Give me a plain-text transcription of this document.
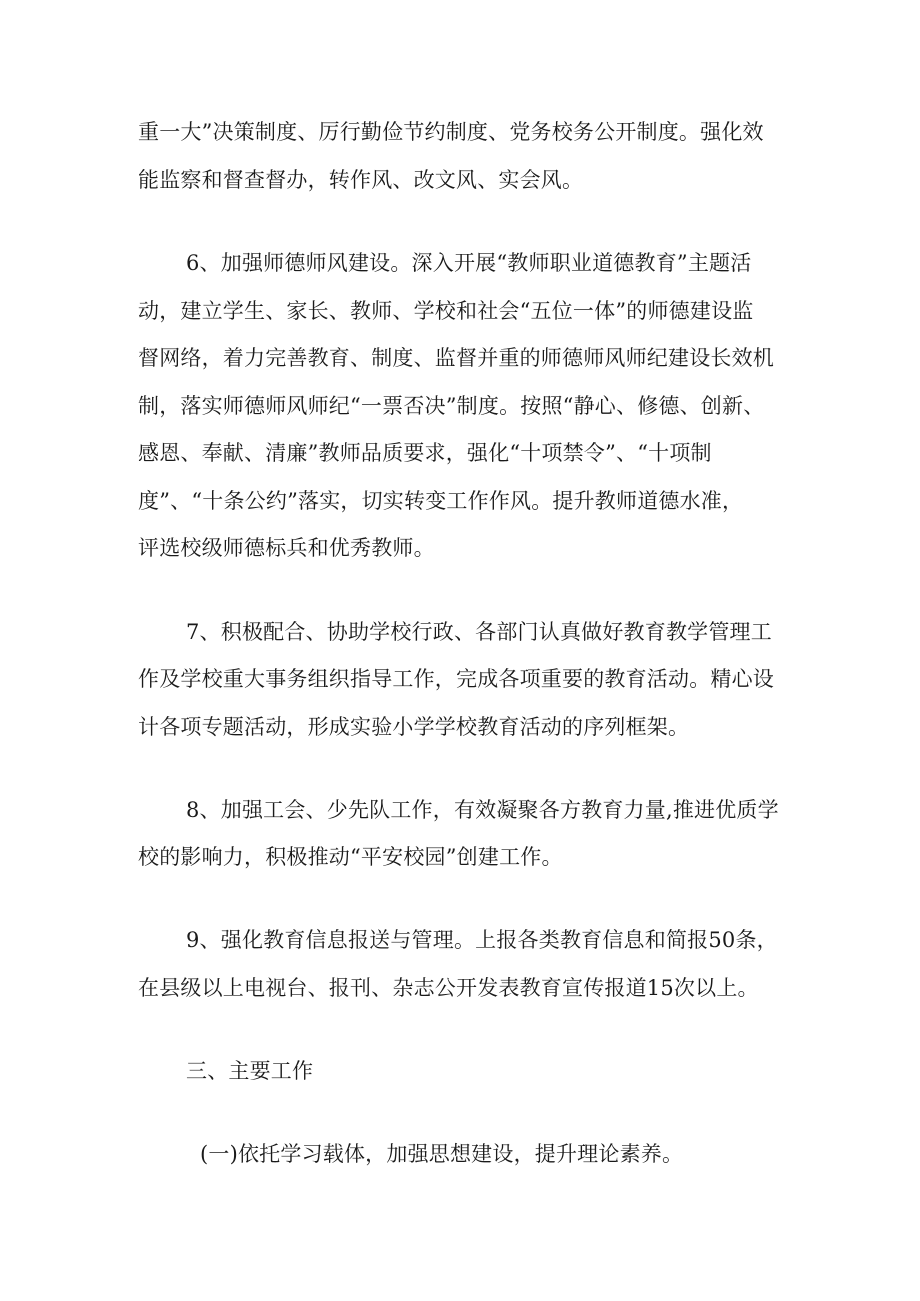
重一大”决策制度、厉行勤俭节约制度、党务校务公开制度。强化效
能监察和督查督办，转作风、改文风、实会风。
6、加强师德师风建设。深入开展“教师职业道德教育”主题活
动，建立学生、家长、教师、学校和社会“五位一体”的师德建设监
督网络，着力完善教育、制度、监督并重的师德师风师纪建设长效机
制，落实师德师风师纪“一票否决”制度。按照“静心、修德、创新、
感恩、奉献、清廉”教师品质要求，强化“十项禁令”、“十项制
度”、“十条公约”落实，切实转变工作作风。提升教师道德水准，
评选校级师德标兵和优秀教师。
7、积极配合、协助学校行政、各部门认真做好教育教学管理工
作及学校重大事务组织指导工作，完成各项重要的教育活动。精心设
计各项专题活动，形成实验小学学校教育活动的序列框架。
8、加强工会、少先队工作，有效凝聚各方教育力量,推进优质学
校的影响力，积极推动“平安校园”创建工作。
9、强化教育信息报送与管理。上报各类教育信息和简报50条，
在县级以上电视台、报刊、杂志公开发表教育宣传报道15次以上。
三、主要工作
(一)依托学习载体，加强思想建设，提升理论素养。
